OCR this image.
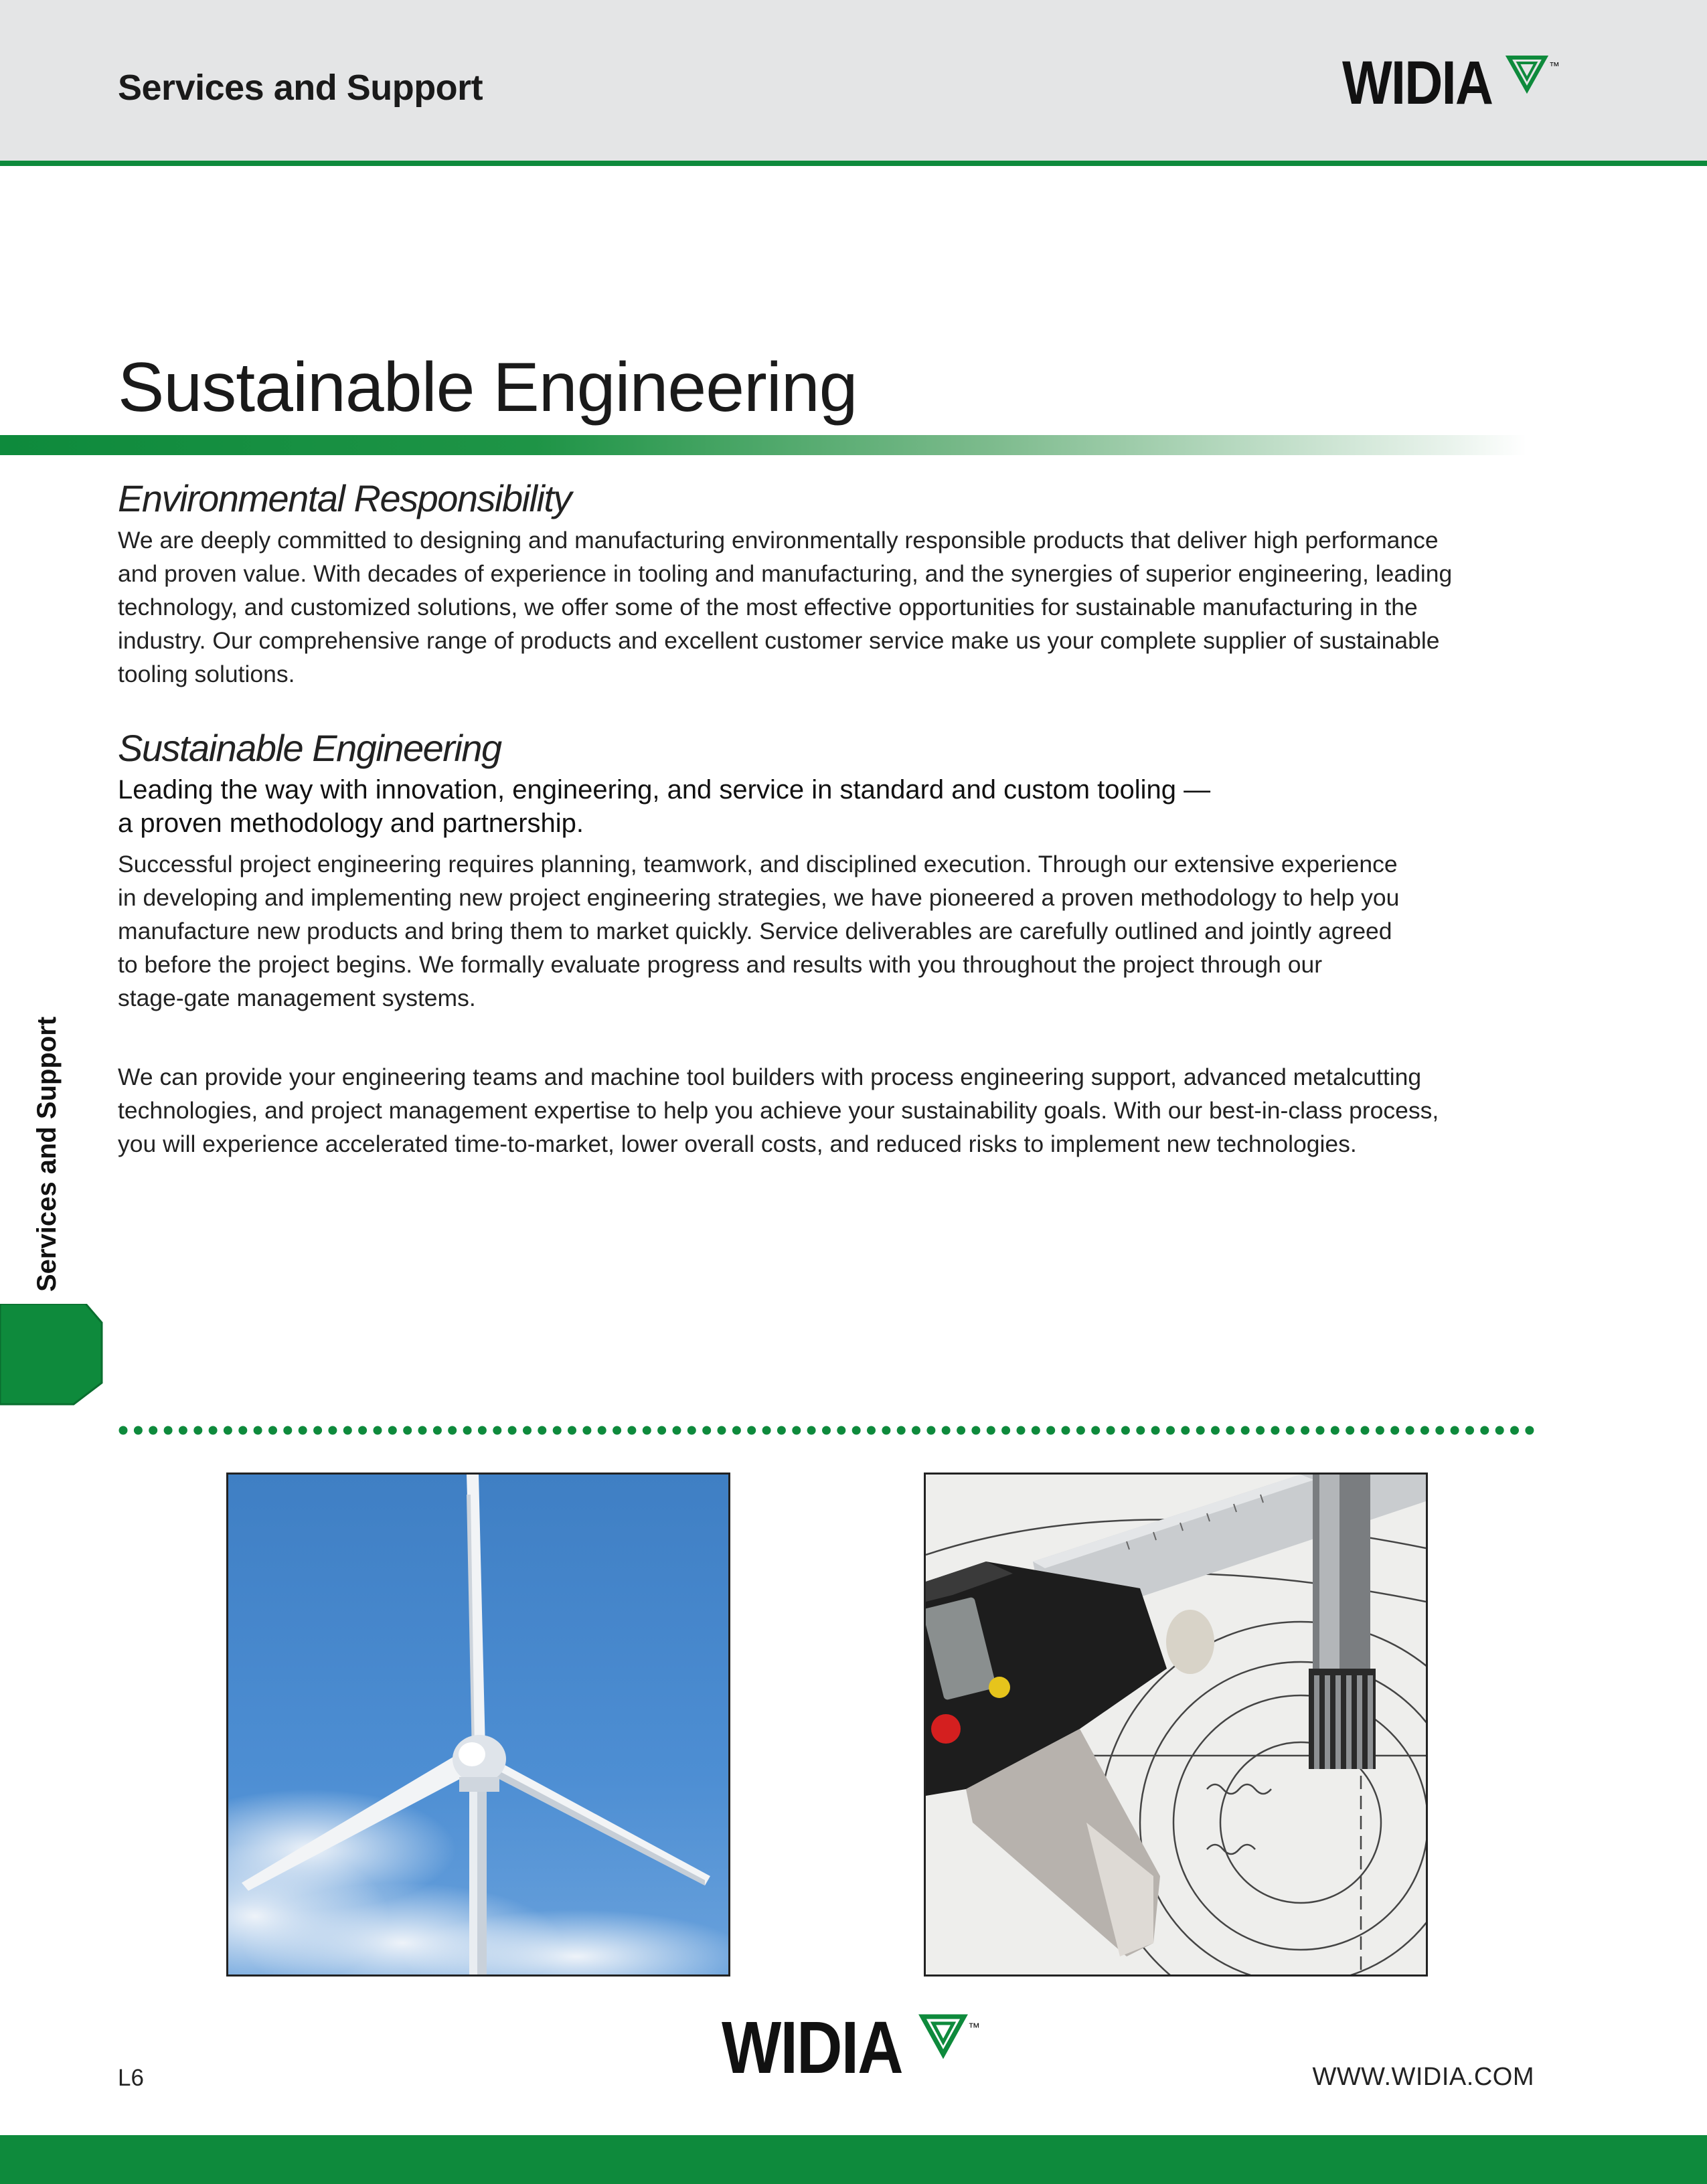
Services and Support	WIDIA	™
Sustainable Engineering
Environmental Responsibility
We are deeply committed to designing and manufacturing environmentally responsible products that deliver high performance
and proven value. With decades of experience in tooling and manufacturing, and the synergies of superior engineering, leading
technology, and customized solutions, we offer some of the most effective opportunities for sustainable manufacturing in the
industry. Our comprehensive range of products and excellent customer service make us your complete supplier of sustainable
tooling solutions.
Sustainable Engineering
Leading the way with innovation, engineering, and service in standard and custom tooling —
a proven methodology and partnership.
Successful project engineering requires planning, teamwork, and disciplined execution. Through our extensive experience
in developing and implementing new project engineering strategies, we have pioneered a proven methodology to help you
manufacture new products and bring them to market quickly. Service deliverables are carefully outlined and jointly agreed
to before the project begins. We formally evaluate progress and results with you throughout the project through our
stage-gate management systems.
We can provide your engineering teams and machine tool builders with process engineering support, advanced metalcutting
technologies, and project management expertise to help you achieve your sustainability goals. With our best-in-class process,
you will experience accelerated time-to-market, lower overall costs, and reduced risks to implement new technologies.
Services and Support
L6	WIDIA	™
WWW.WIDIA.COM
